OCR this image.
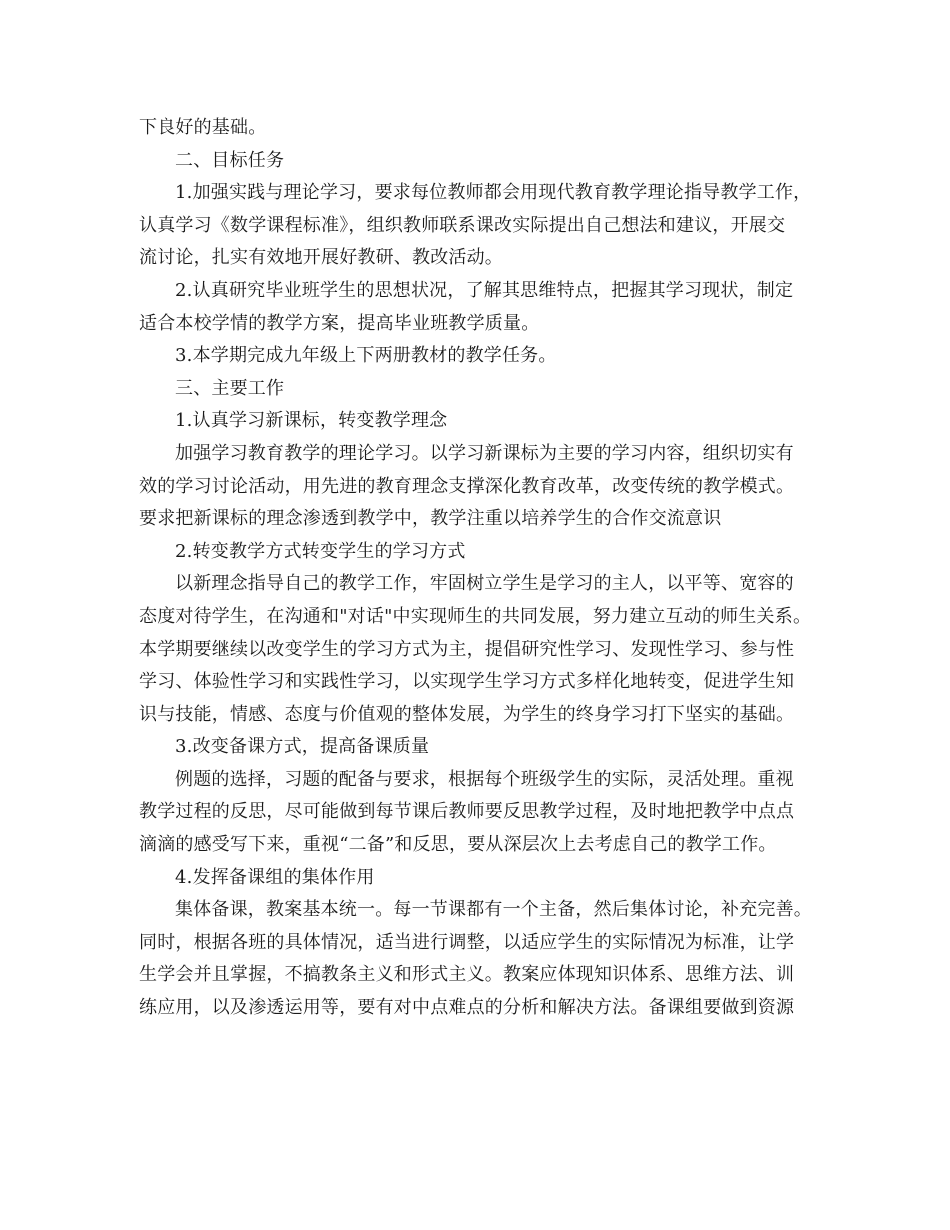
下良好的基础。
二、目标任务
1.加强实践与理论学习，要求每位教师都会用现代教育教学理论指导教学工作，
认真学习《数学课程标准》，组织教师联系课改实际提出自己想法和建议，开展交
流讨论，扎实有效地开展好教研、教改活动。
2.认真研究毕业班学生的思想状况，了解其思维特点，把握其学习现状，制定
适合本校学情的教学方案，提高毕业班教学质量。
3.本学期完成九年级上下两册教材的教学任务。
三、主要工作
1.认真学习新课标，转变教学理念
加强学习教育教学的理论学习。以学习新课标为主要的学习内容，组织切实有
效的学习讨论活动，用先进的教育理念支撑深化教育改革，改变传统的教学模式。
要求把新课标的理念渗透到教学中，教学注重以培养学生的合作交流意识
2.转变教学方式转变学生的学习方式
以新理念指导自己的教学工作，牢固树立学生是学习的主人，以平等、宽容的
态度对待学生，在沟通和"对话"中实现师生的共同发展，努力建立互动的师生关系。
本学期要继续以改变学生的学习方式为主，提倡研究性学习、发现性学习、参与性
学习、体验性学习和实践性学习，以实现学生学习方式多样化地转变，促进学生知
识与技能，情感、态度与价值观的整体发展，为学生的终身学习打下坚实的基础。
3.改变备课方式，提高备课质量
例题的选择，习题的配备与要求，根据每个班级学生的实际，灵活处理。重视
教学过程的反思，尽可能做到每节课后教师要反思教学过程，及时地把教学中点点
滴滴的感受写下来，重视“二备”和反思，要从深层次上去考虑自己的教学工作。
4.发挥备课组的集体作用
集体备课，教案基本统一。每一节课都有一个主备，然后集体讨论，补充完善。
同时，根据各班的具体情况，适当进行调整，以适应学生的实际情况为标准，让学
生学会并且掌握，不搞教条主义和形式主义。教案应体现知识体系、思维方法、训
练应用，以及渗透运用等，要有对中点难点的分析和解决方法。备课组要做到资源
